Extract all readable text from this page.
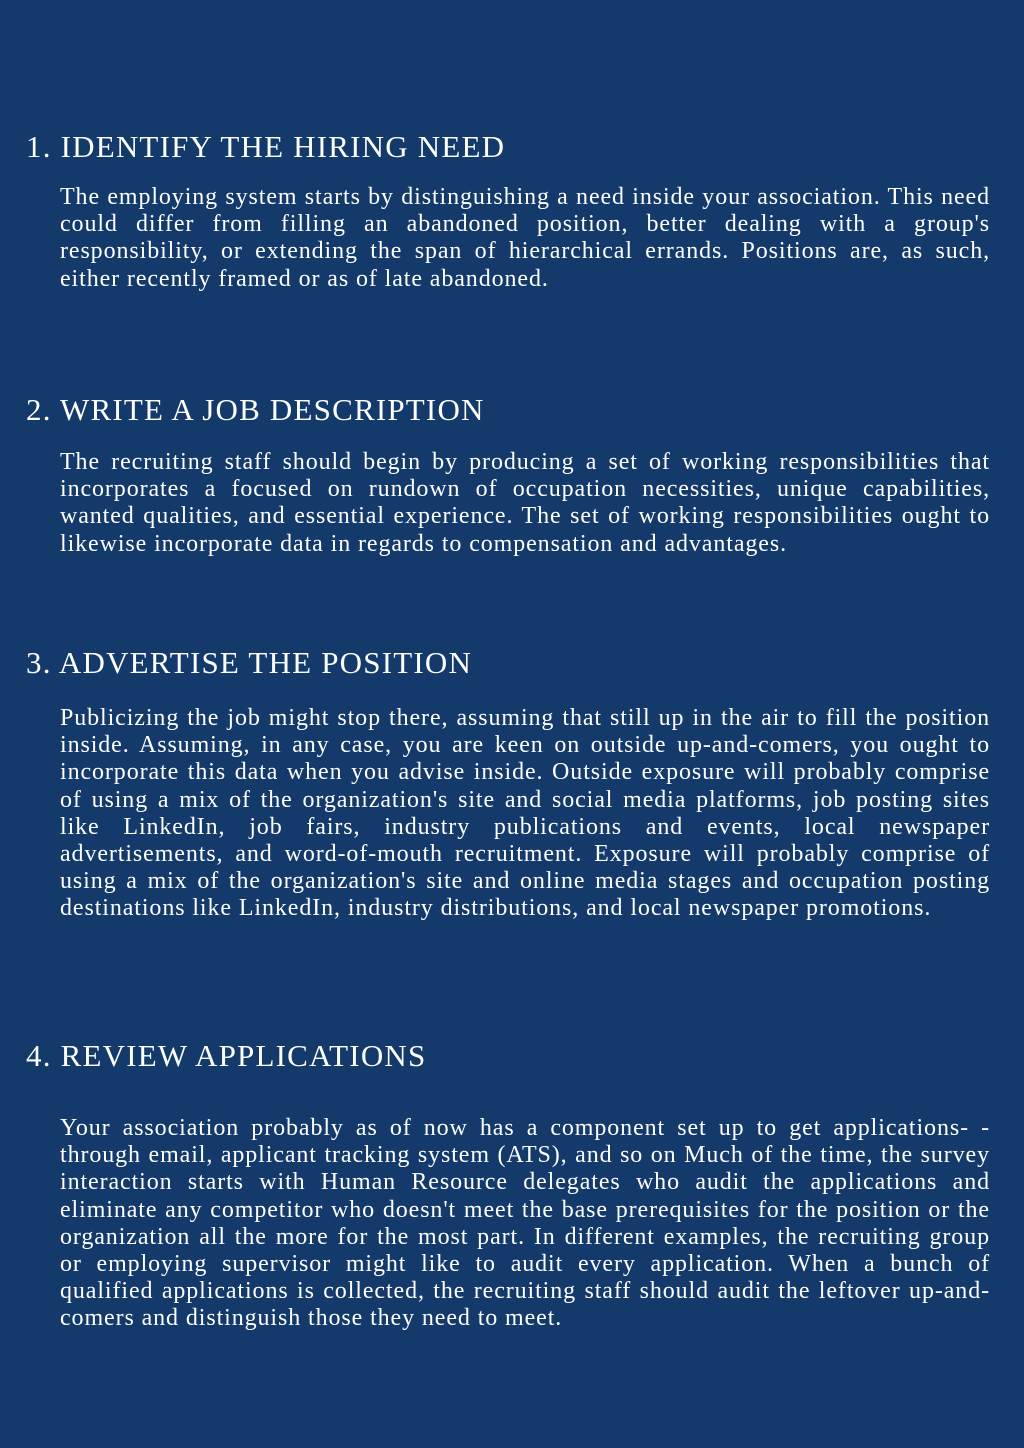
1. IDENTIFY THE HIRING NEED

The employing system starts by distinguishing a need inside your association. This need could differ from filling an abandoned position, better dealing with a group's responsibility, or extending the span of hierarchical errands. Positions are, as such, either recently framed or as of late abandoned.

2. WRITE A JOB DESCRIPTION

The recruiting staff should begin by producing a set of working responsibilities that incorporates a focused on rundown of occupation necessities, unique capabilities, wanted qualities, and essential experience. The set of working responsibilities ought to likewise incorporate data in regards to compensation and advantages.

3. ADVERTISE THE POSITION

Publicizing the job might stop there, assuming that still up in the air to fill the position inside. Assuming, in any case, you are keen on outside up-and-comers, you ought to incorporate this data when you advise inside. Outside exposure will probably comprise of using a mix of the organization's site and social media platforms, job posting sites like LinkedIn, job fairs, industry publications and events, local newspaper advertisements, and word-of-mouth recruitment. Exposure will probably comprise of using a mix of the organization's site and online media stages and occupation posting destinations like LinkedIn, industry distributions, and local newspaper promotions.

4. REVIEW APPLICATIONS

Your association probably as of now has a component set up to get applications- - through email, applicant tracking system (ATS), and so on Much of the time, the survey interaction starts with Human Resource delegates who audit the applications and eliminate any competitor who doesn't meet the base prerequisites for the position or the organization all the more for the most part. In different examples, the recruiting group or employing supervisor might like to audit every application. When a bunch of qualified applications is collected, the recruiting staff should audit the leftover up-and-comers and distinguish those they need to meet.
